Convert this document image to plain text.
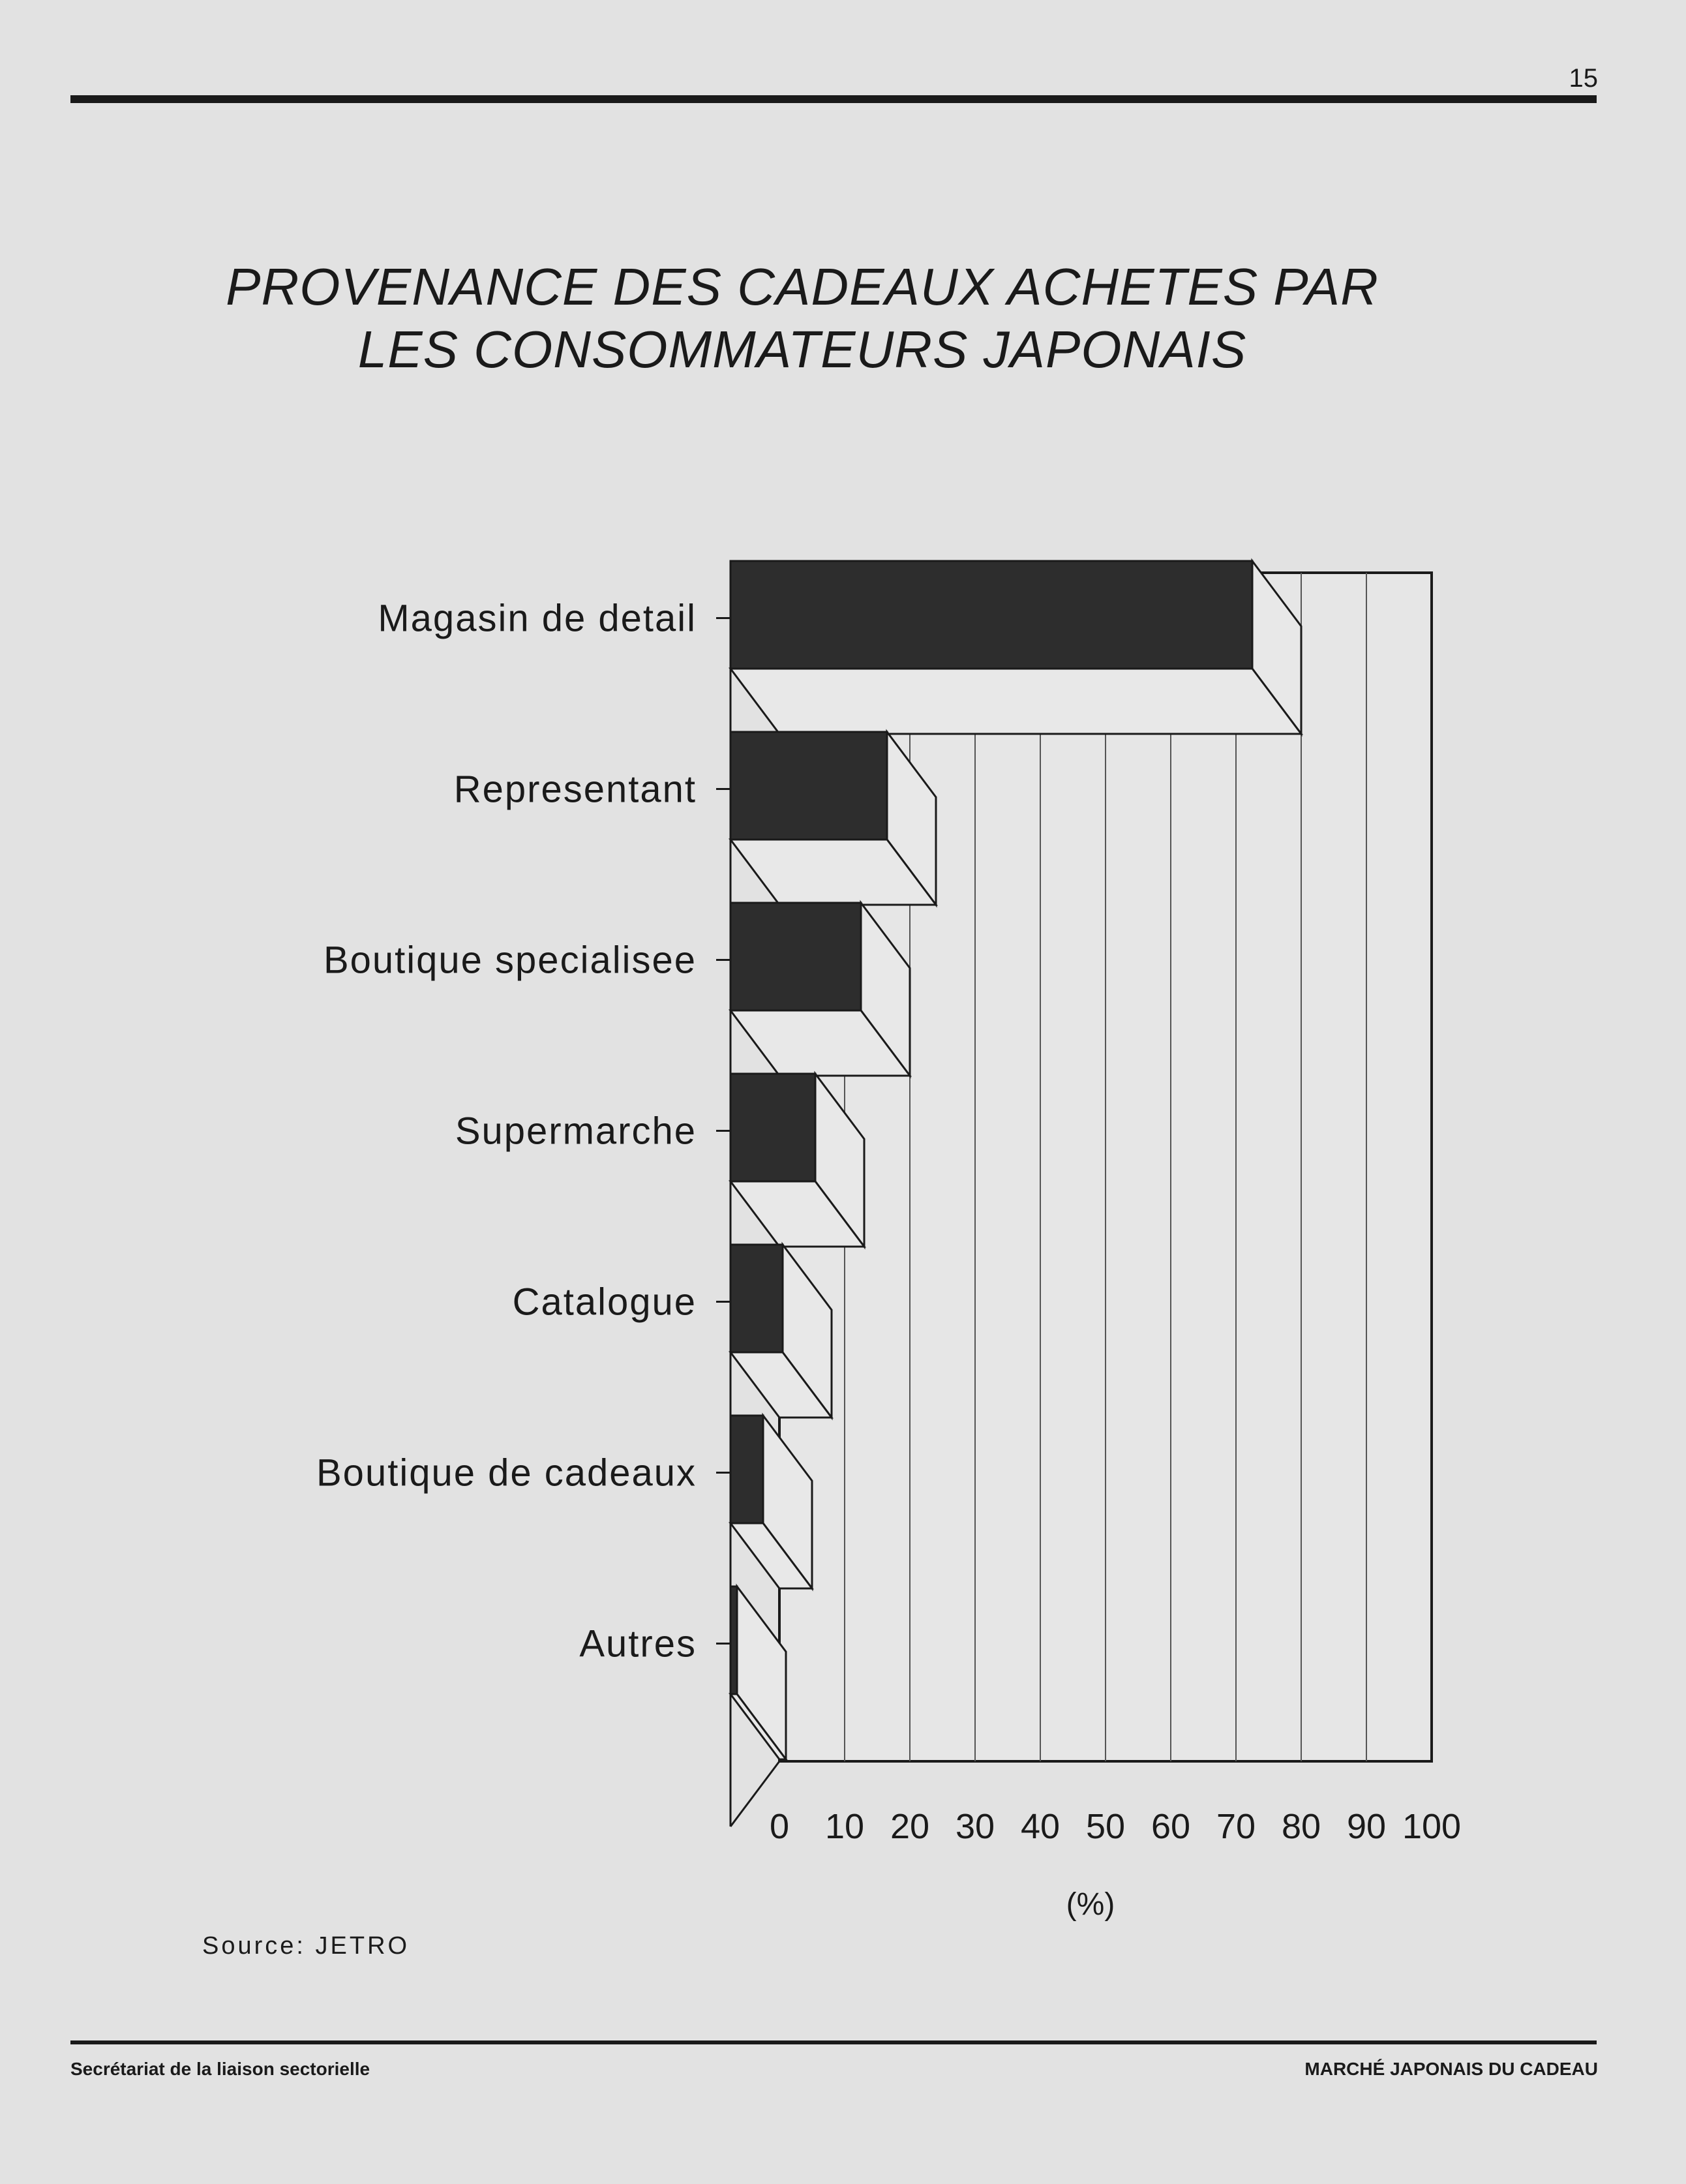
15
PROVENANCE DES CADEAUX ACHETES PAR
LES CONSOMMATEURS JAPONAIS
Magasin de detail
Representant
Boutique specialisee
Supermarche
Catalogue
Boutique de cadeaux
Autres
0 10 20 30 40 50 60 70 80 90 100
(%)
Source: JETRO
Secrétariat de la liaison sectorielle	MARCHÉ JAPONAIS DU CADEAU
